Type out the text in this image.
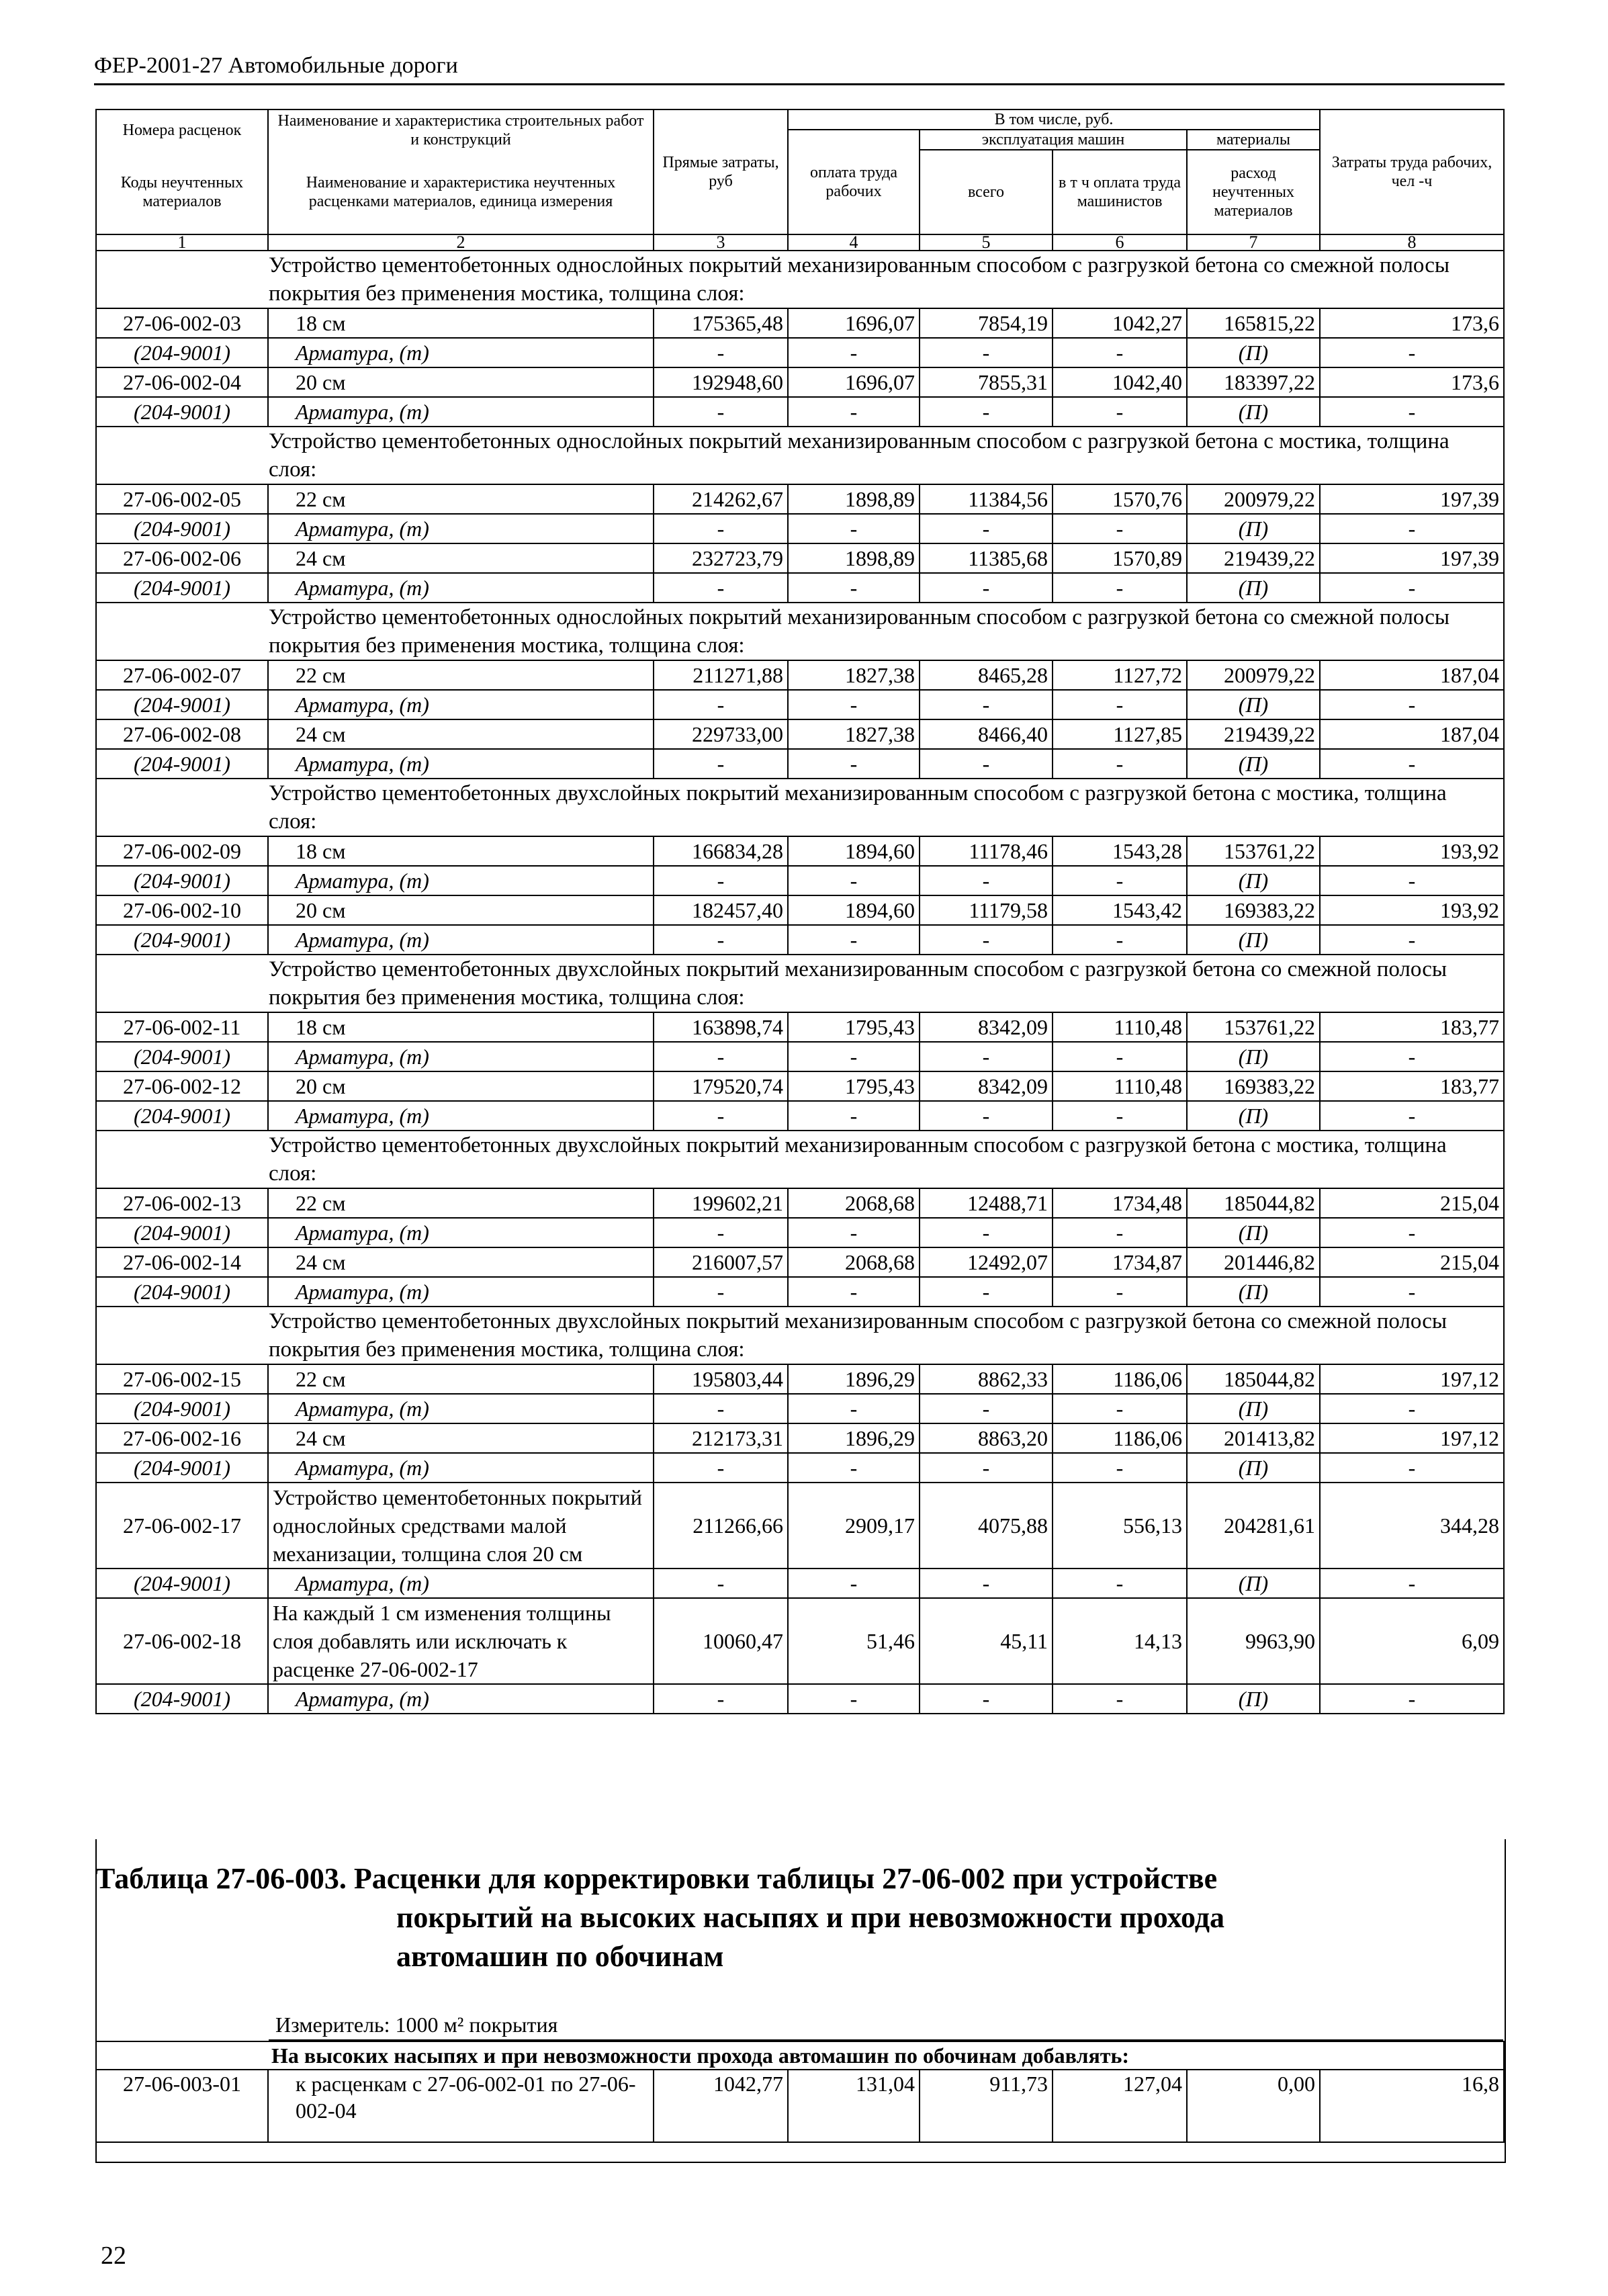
ФЕР-2001-27 Автомобильные дороги
Номера расценок	Наименование и характеристика строительных работ и конструкций	Прямые затраты, руб	В том числе, руб.				Затраты труда рабочих, чел -ч
			оплата труда рабочих	эксплуатация машин		материалы	
Коды неучтенных материалов	Наименование и характеристика неучтенных расценками материалов, единица измерения			всего	в т ч оплата труда машинистов	расход неучтенных материалов	

1	2	3	4	5	6	7	8

Устройство цементобетонных однослойных покрытий механизированным способом с разгрузкой бетона со смежной полосы покрытия без применения мостика, толщина слоя:							

27-06-002-03	18 см	175365,48	1696,07	7854,19	1042,27	165815,22	173,6
(204-9001)	Арматура, (т)	-	-	-	-	(П)	-
27-06-002-04	20 см	192948,60	1696,07	7855,31	1042,40	183397,22	173,6
(204-9001)	Арматура, (т)	-	-	-	-	(П)	-

Устройство цементобетонных однослойных покрытий механизированным способом с разгрузкой бетона с мостика, толщина слоя:							

27-06-002-05	22 см	214262,67	1898,89	11384,56	1570,76	200979,22	197,39
(204-9001)	Арматура, (т)	-	-	-	-	(П)	-
27-06-002-06	24 см	232723,79	1898,89	11385,68	1570,89	219439,22	197,39
(204-9001)	Арматура, (т)	-	-	-	-	(П)	-

Устройство цементобетонных однослойных покрытий механизированным способом с разгрузкой бетона со смежной полосы покрытия без применения мостика, толщина слоя:							

27-06-002-07	22 см	211271,88	1827,38	8465,28	1127,72	200979,22	187,04
(204-9001)	Арматура, (т)	-	-	-	-	(П)	-
27-06-002-08	24 см	229733,00	1827,38	8466,40	1127,85	219439,22	187,04
(204-9001)	Арматура, (т)	-	-	-	-	(П)	-

Устройство цементобетонных двухслойных покрытий механизированным способом с разгрузкой бетона с мостика, толщина слоя:							

27-06-002-09	18 см	166834,28	1894,60	11178,46	1543,28	153761,22	193,92
(204-9001)	Арматура, (т)	-	-	-	-	(П)	-
27-06-002-10	20 см	182457,40	1894,60	11179,58	1543,42	169383,22	193,92
(204-9001)	Арматура, (т)	-	-	-	-	(П)	-

Устройство цементобетонных двухслойных покрытий механизированным способом с разгрузкой бетона со смежной полосы покрытия без применения мостика, толщина слоя:							

27-06-002-11	18 см	163898,74	1795,43	8342,09	1110,48	153761,22	183,77
(204-9001)	Арматура, (т)	-	-	-	-	(П)	-
27-06-002-12	20 см	179520,74	1795,43	8342,09	1110,48	169383,22	183,77
(204-9001)	Арматура, (т)	-	-	-	-	(П)	-

Устройство цементобетонных двухслойных покрытий механизированным способом с разгрузкой бетона с мостика, толщина слоя:							

27-06-002-13	22 см	199602,21	2068,68	12488,71	1734,48	185044,82	215,04
(204-9001)	Арматура, (т)	-	-	-	-	(П)	-
27-06-002-14	24 см	216007,57	2068,68	12492,07	1734,87	201446,82	215,04
(204-9001)	Арматура, (т)	-	-	-	-	(П)	-

Устройство цементобетонных двухслойных покрытий механизированным способом с разгрузкой бетона со смежной полосы покрытия без применения мостика, толщина слоя:							

27-06-002-15	22 см	195803,44	1896,29	8862,33	1186,06	185044,82	197,12
(204-9001)	Арматура, (т)	-	-	-	-	(П)	-
27-06-002-16	24 см	212173,31	1896,29	8863,20	1186,06	201413,82	197,12
(204-9001)	Арматура, (т)	-	-	-	-	(П)	-
27-06-002-17	Устройство цементобетонных покрытий однослойных средствами малой механизации, толщина слоя 20 см	211266,66	2909,17	4075,88	556,13	204281,61	344,28
(204-9001)	Арматура, (т)	-	-	-	-	(П)	-
27-06-002-18	На каждый 1 см изменения толщины слоя добавлять или исключать к расценке 27-06-002-17	10060,47	51,46	45,11	14,13	9963,90	6,09
(204-9001)	Арматура, (т)	-	-	-	-	(П)	-
Таблица 27-06-003. Расценки для корректировки таблицы 27-06-002 при устройстве
покрытий на высоких насыпях и при невозможности прохода
автомашин по обочинам
Измеритель: 1000 м² покрытия
На высоких насыпях и при невозможности прохода автомашин по обочинам добавлять:
27-06-003-01	к расценкам с 27-06-002-01 по 27-06-002-04	1042,77	131,04	911,73	127,04	0,00	16,8
22
